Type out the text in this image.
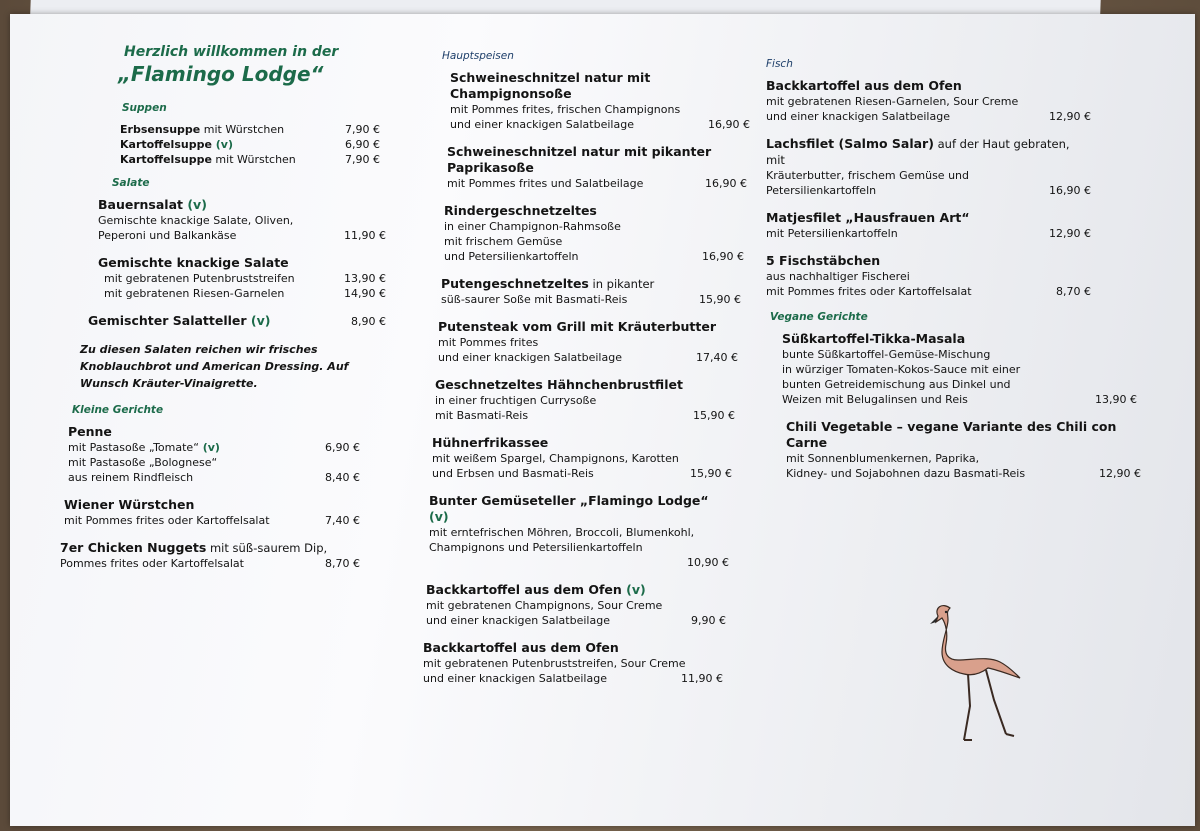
Herzlich willkommen in der
„Flamingo Lodge“
Suppen
Erbsensuppe mit Würstchen	7,90 €
Kartoffelsuppe (v)	6,90 €
Kartoffelsuppe mit Würstchen	7,90 €
Salate
Bauernsalat (v)
Gemischte knackige Salate, Oliven,
Peperoni und Balkankäse	11,90 €
Gemischte knackige Salate
mit gebratenen Putenbruststreifen	13,90 €
mit gebratenen Riesen-Garnelen	14,90 €
Gemischter Salatteller (v)	8,90 €
Zu diesen Salaten reichen wir frisches Knoblauchbrot und American Dressing. Auf Wunsch Kräuter-Vinaigrette.
Kleine Gerichte
Penne
mit Pastasoße „Tomate“ (v)	6,90 €
mit Pastasoße „Bolognese“
aus reinem Rindfleisch	8,40 €
Wiener Würstchen
mit Pommes frites oder Kartoffelsalat	7,40 €
7er Chicken Nuggets mit süß-saurem Dip,
Pommes frites oder Kartoffelsalat	8,70 €
Hauptspeisen
Schweineschnitzel natur mit Champignonsoße
mit Pommes frites, frischen Champignons
und einer knackigen Salatbeilage	16,90 €
Schweineschnitzel natur mit pikanter Paprikasoße
mit Pommes frites und Salatbeilage	16,90 €
Rindergeschnetzeltes
in einer Champignon-Rahmsoße
mit frischem Gemüse
und Petersilienkartoffeln	16,90 €
Putengeschnetzeltes in pikanter
süß-saurer Soße mit Basmati-Reis	15,90 €
Putensteak vom Grill mit Kräuterbutter
mit Pommes frites
und einer knackigen Salatbeilage	17,40 €
Geschnetzeltes Hähnchenbrustfilet
in einer fruchtigen Currysoße
mit Basmati-Reis	15,90 €
Hühnerfrikassee
mit weißem Spargel, Champignons, Karotten
und Erbsen und Basmati-Reis	15,90 €
Bunter Gemüseteller „Flamingo Lodge“ (v)
mit erntefrischen Möhren, Broccoli, Blumenkohl,
Champignons und Petersilienkartoffeln
10,90 €
Backkartoffel aus dem Ofen (v)
mit gebratenen Champignons, Sour Creme
und einer knackigen Salatbeilage	9,90 €
Backkartoffel aus dem Ofen
mit gebratenen Putenbruststreifen, Sour Creme
und einer knackigen Salatbeilage	11,90 €
Fisch
Backkartoffel aus dem Ofen
mit gebratenen Riesen-Garnelen, Sour Creme
und einer knackigen Salatbeilage	12,90 €
Lachsfilet (Salmo Salar) auf der Haut gebraten, mit
Kräuterbutter, frischem Gemüse und
Petersilienkartoffeln	16,90 €
Matjesfilet „Hausfrauen Art“
mit Petersilienkartoffeln	12,90 €
5 Fischstäbchen
aus nachhaltiger Fischerei
mit Pommes frites oder Kartoffelsalat	8,70 €
Vegane Gerichte
Süßkartoffel-Tikka-Masala
bunte Süßkartoffel-Gemüse-Mischung
in würziger Tomaten-Kokos-Sauce mit einer
bunten Getreidemischung aus Dinkel und
Weizen mit Belugalinsen und Reis	13,90 €
Chili Vegetable – vegane Variante des Chili con Carne
mit Sonnenblumenkernen, Paprika,
Kidney- und Sojabohnen dazu Basmati-Reis	12,90 €
